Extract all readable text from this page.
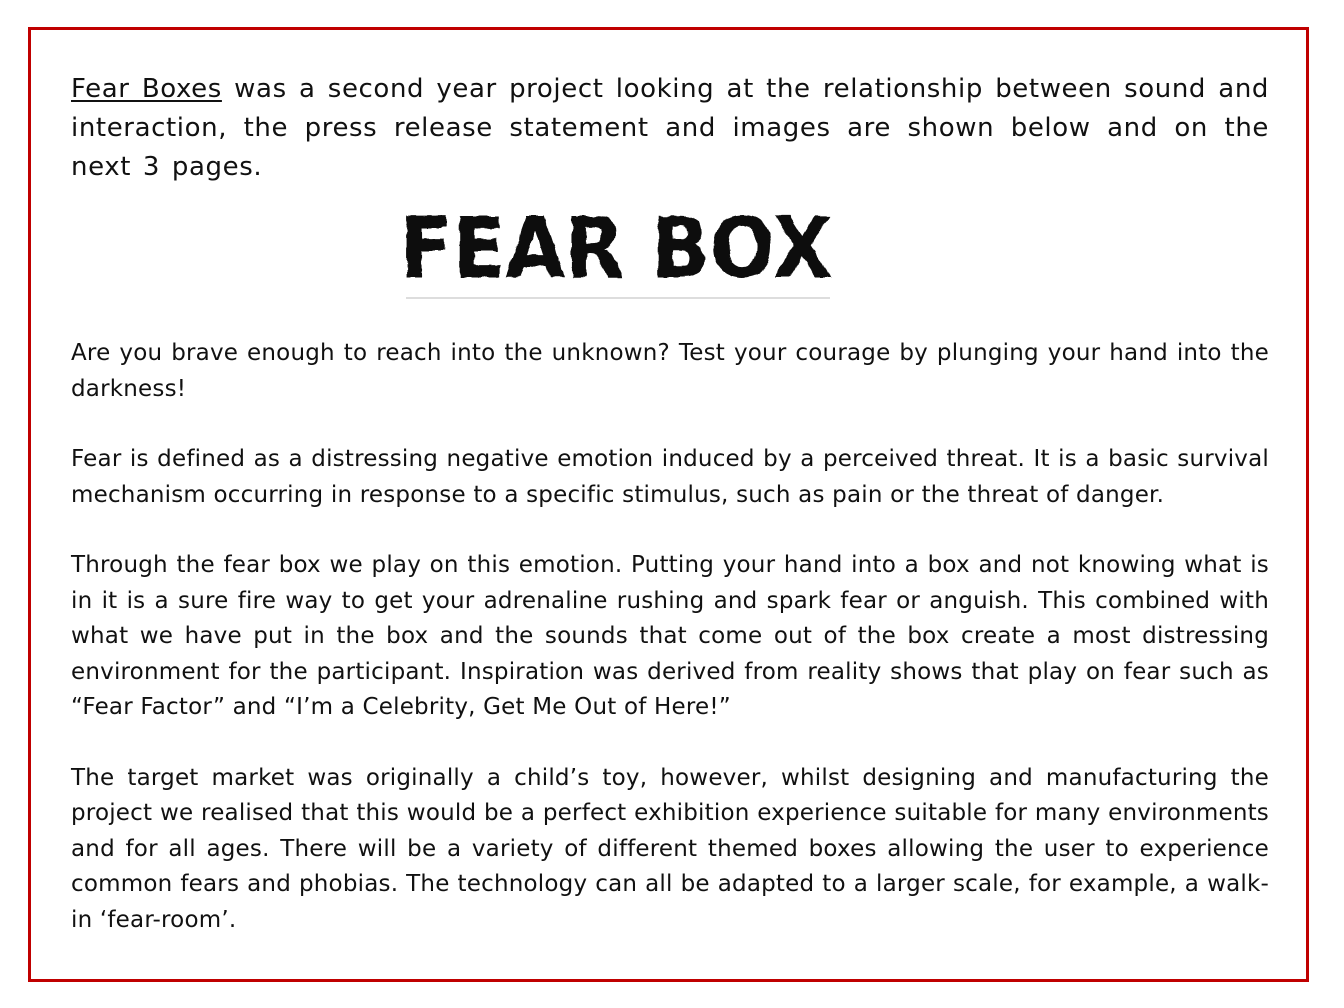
Fear Boxes was a second year project looking at the relationship between sound and interaction, the press release statement and images are shown below and on the next 3 pages.

FEAR BOX

Are you brave enough to reach into the unknown? Test your courage by plunging your hand into the darkness!

Fear is defined as a distressing negative emotion induced by a perceived threat. It is a basic survival mechanism occurring in response to a specific stimulus, such as pain or the threat of danger.

Through the fear box we play on this emotion. Putting your hand into a box and not knowing what is in it is a sure fire way to get your adrenaline rushing and spark fear or anguish. This combined with what we have put in the box and the sounds that come out of the box create a most distressing environment for the participant. Inspiration was derived from reality shows that play on fear such as “Fear Factor” and “I’m a Celebrity, Get Me Out of Here!”

The target market was originally a child’s toy, however, whilst designing and manufacturing the project we realised that this would be a perfect exhibition experience suitable for many environments and for all ages. There will be a variety of different themed boxes allowing the user to experience common fears and phobias. The technology can all be adapted to a larger scale, for example, a walk-in ‘fear-room’.
